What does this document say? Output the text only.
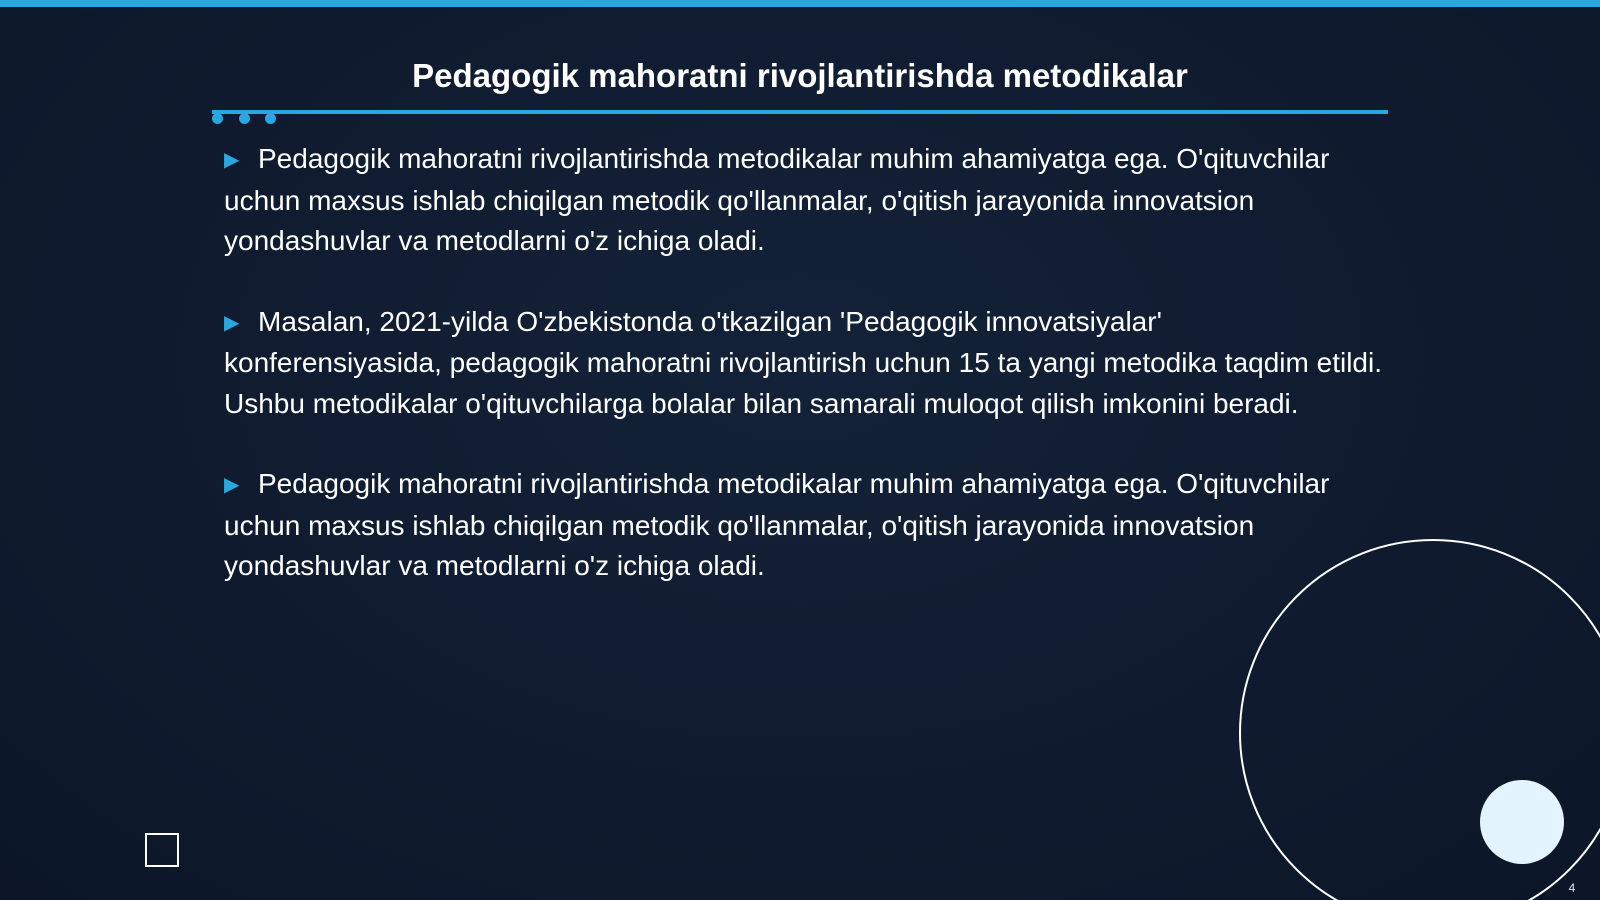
Pedagogik mahoratni rivojlantirishda metodikalar

▶ Pedagogik mahoratni rivojlantirishda metodikalar muhim ahamiyatga ega. O'qituvchilar uchun maxsus ishlab chiqilgan metodik qo'llanmalar, o'qitish jarayonida innovatsion yondashuvlar va metodlarni o'z ichiga oladi.

▶ Masalan, 2021-yilda O'zbekistonda o'tkazilgan 'Pedagogik innovatsiyalar' konferensiyasida, pedagogik mahoratni rivojlantirish uchun 15 ta yangi metodika taqdim etildi. Ushbu metodikalar o'qituvchilarga bolalar bilan samarali muloqot qilish imkonini beradi.

▶ Pedagogik mahoratni rivojlantirishda metodikalar muhim ahamiyatga ega. O'qituvchilar uchun maxsus ishlab chiqilgan metodik qo'llanmalar, o'qitish jarayonida innovatsion yondashuvlar va metodlarni o'z ichiga oladi.

4
